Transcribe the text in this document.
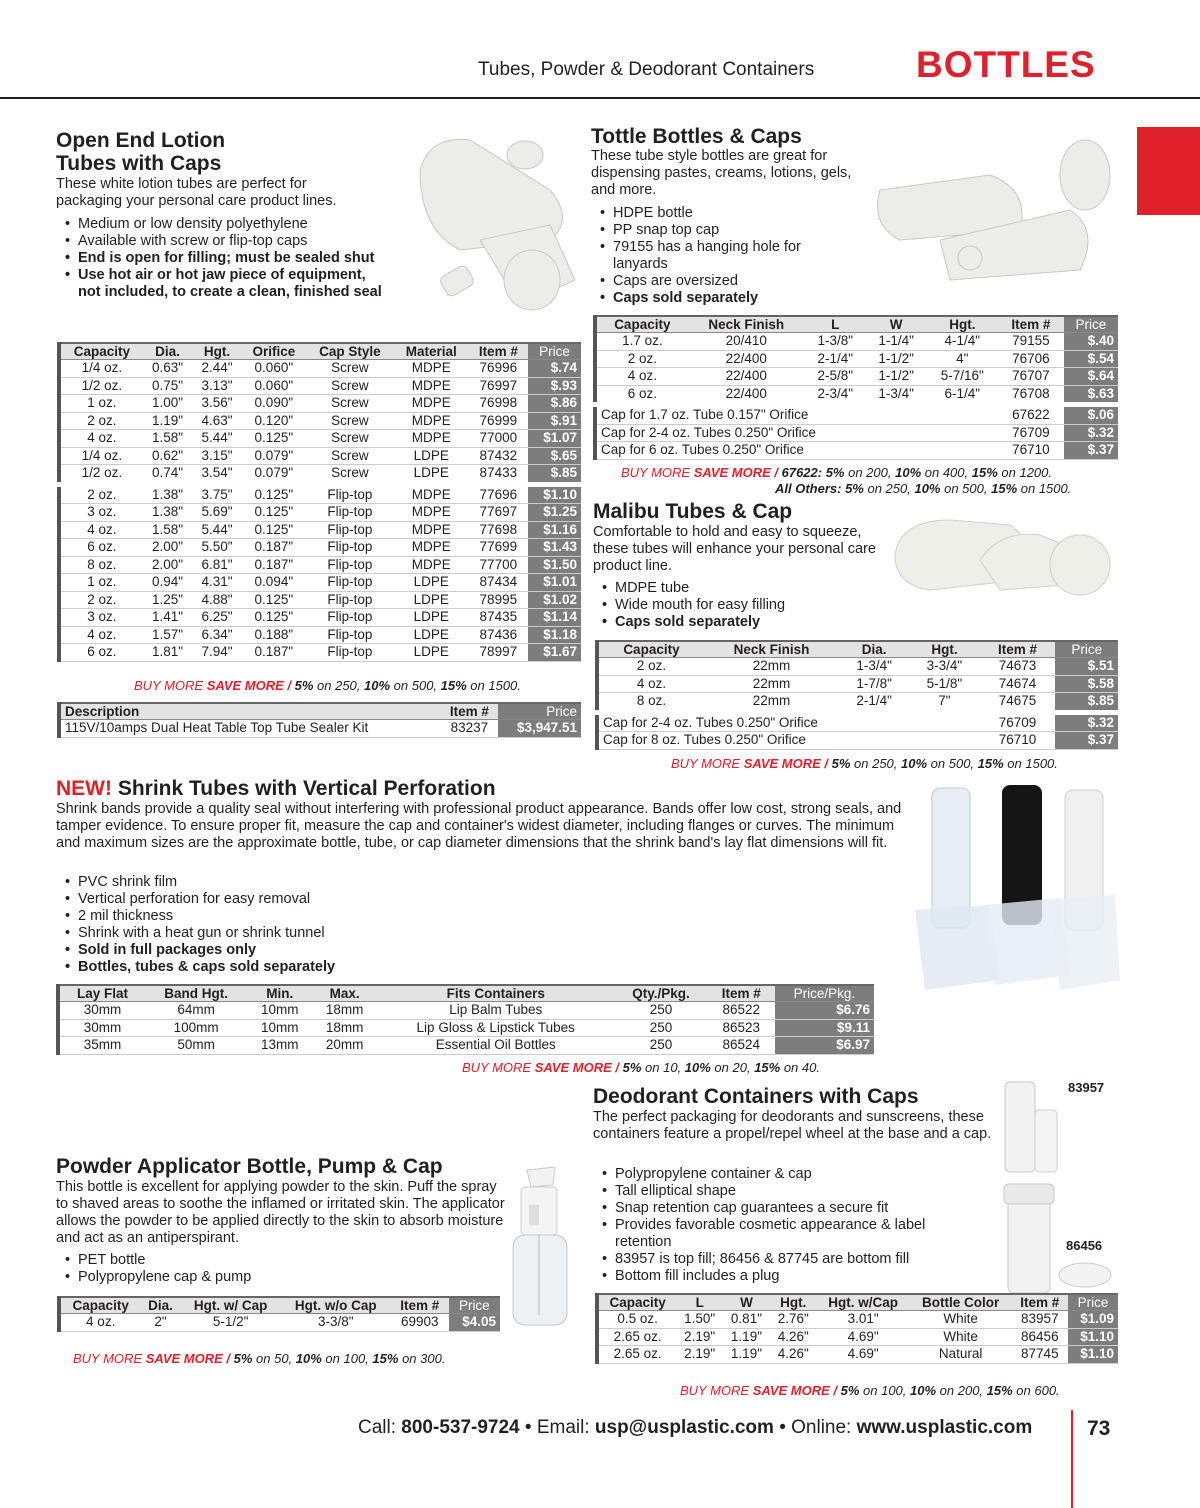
Tubes, Powder & Deodorant Containers	BOTTLES
Open End Lotion
Tubes with Caps
These white lotion tubes are perfect for packaging your personal care product lines.
• Medium or low density polyethylene
• Available with screw or flip-top caps
• End is open for filling; must be sealed shut
• Use hot air or hot jaw piece of equipment, not included, to create a clean, finished seal
Capacity	Dia.	Hgt.	Orifice	Cap Style	Material	Item #	Price
1/4 oz.	0.63"	2.44"	0.060"	Screw	MDPE	76996	$.74
1/2 oz.	0.75"	3.13"	0.060"	Screw	MDPE	76997	$.93
1 oz.	1.00"	3.56"	0.090"	Screw	MDPE	76998	$.86
2 oz.	1.19"	4.63"	0.120"	Screw	MDPE	76999	$.91
4 oz.	1.58"	5.44"	0.125"	Screw	MDPE	77000	$1.07
1/4 oz.	0.62"	3.15"	0.079"	Screw	LDPE	87432	$.65
1/2 oz.	0.74"	3.54"	0.079"	Screw	LDPE	87433	$.85
2 oz.	1.38"	3.75"	0.125"	Flip-top	MDPE	77696	$1.10
3 oz.	1.38"	5.69"	0.125"	Flip-top	MDPE	77697	$1.25
4 oz.	1.58"	5.44"	0.125"	Flip-top	MDPE	77698	$1.16
6 oz.	2.00"	5.50"	0.187"	Flip-top	MDPE	77699	$1.43
8 oz.	2.00"	6.81"	0.187"	Flip-top	MDPE	77700	$1.50
1 oz.	0.94"	4.31"	0.094"	Flip-top	LDPE	87434	$1.01
2 oz.	1.25"	4.88"	0.125"	Flip-top	LDPE	78995	$1.02
3 oz.	1.41"	6.25"	0.125"	Flip-top	LDPE	87435	$1.14
4 oz.	1.57"	6.34"	0.188"	Flip-top	LDPE	87436	$1.18
6 oz.	1.81"	7.94"	0.187"	Flip-top	LDPE	78997	$1.67
BUY MORE SAVE MORE / 5% on 250, 10% on 500, 15% on 1500.
Description	Item #	Price
115V/10amps Dual Heat Table Top Tube Sealer Kit	83237	$3,947.51
Tottle Bottles & Caps
These tube style bottles are great for dispensing pastes, creams, lotions, gels, and more.
• HDPE bottle
• PP snap top cap
• 79155 has a hanging hole for lanyards
• Caps are oversized
• Caps sold separately
Capacity	Neck Finish	L	W	Hgt.	Item #	Price
1.7 oz.	20/410	1-3/8"	1-1/4"	4-1/4"	79155	$.40
2 oz.	22/400	2-1/4"	1-1/2"	4"	76706	$.54
4 oz.	22/400	2-5/8"	1-1/2"	5-7/16"	76707	$.64
6 oz.	22/400	2-3/4"	1-3/4"	6-1/4"	76708	$.63
Cap for 1.7 oz. Tube 0.157" Orifice					67622	$.06
Cap for 2-4 oz. Tubes 0.250" Orifice					76709	$.32
Cap for 6 oz. Tubes 0.250" Orifice					76710	$.37
BUY MORE SAVE MORE / 67622: 5% on 200, 10% on 400, 15% on 1200.
All Others: 5% on 250, 10% on 500, 15% on 1500.
Malibu Tubes & Cap
Comfortable to hold and easy to squeeze, these tubes will enhance your personal care product line.
• MDPE tube
• Wide mouth for easy filling
• Caps sold separately
Capacity	Neck Finish	Dia.	Hgt.	Item #	Price
2 oz.	22mm	1-3/4"	3-3/4"	74673	$.51
4 oz.	22mm	1-7/8"	5-1/8"	74674	$.58
8 oz.	22mm	2-1/4"	7"	74675	$.85
Cap for 2-4 oz. Tubes 0.250" Orifice				76709	$.32
Cap for 8 oz. Tubes 0.250" Orifice				76710	$.37
BUY MORE SAVE MORE / 5% on 250, 10% on 500, 15% on 1500.
NEW! Shrink Tubes with Vertical Perforation
Shrink bands provide a quality seal without interfering with professional product appearance. Bands offer low cost, strong seals, and tamper evidence. To ensure proper fit, measure the cap and container's widest diameter, including flanges or curves. The minimum and maximum sizes are the approximate bottle, tube, or cap diameter dimensions that the shrink band's lay flat dimensions will fit.
• PVC shrink film
• Vertical perforation for easy removal
• 2 mil thickness
• Shrink with a heat gun or shrink tunnel
• Sold in full packages only
• Bottles, tubes & caps sold separately
Lay Flat	Band Hgt.	Min.	Max.	Fits Containers	Qty./Pkg.	Item #	Price/Pkg.
30mm	64mm	10mm	18mm	Lip Balm Tubes	250	86522	$6.76
30mm	100mm	10mm	18mm	Lip Gloss & Lipstick Tubes	250	86523	$9.11
35mm	50mm	13mm	20mm	Essential Oil Bottles	250	86524	$6.97
BUY MORE SAVE MORE / 5% on 10, 10% on 20, 15% on 40.
Powder Applicator Bottle, Pump & Cap
This bottle is excellent for applying powder to the skin. Puff the spray to shaved areas to soothe the inflamed or irritated skin. The applicator allows the powder to be applied directly to the skin to absorb moisture and act as an antiperspirant.
• PET bottle
• Polypropylene cap & pump
Capacity	Dia.	Hgt. w/ Cap	Hgt. w/o Cap	Item #	Price
4 oz.	2"	5-1/2"	3-3/8"	69903	$4.05
BUY MORE SAVE MORE / 5% on 50, 10% on 100, 15% on 300.
Deodorant Containers with Caps
The perfect packaging for deodorants and sunscreens, these containers feature a propel/repel wheel at the base and a cap.
• Polypropylene container & cap
• Tall elliptical shape
• Snap retention cap guarantees a secure fit
• Provides favorable cosmetic appearance & label retention
• 83957 is top fill; 86456 & 87745 are bottom fill
• Bottom fill includes a plug
83957
86456
Capacity	L	W	Hgt.	Hgt. w/Cap	Bottle Color	Item #	Price
0.5 oz.	1.50"	0.81"	2.76"	3.01"	White	83957	$1.09
2.65 oz.	2.19"	1.19"	4.26"	4.69"	White	86456	$1.10
2.65 oz.	2.19"	1.19"	4.26"	4.69"	Natural	87745	$1.10
BUY MORE SAVE MORE / 5% on 100, 10% on 200, 15% on 600.
Call: 800-537-9724 • Email: usp@usplastic.com • Online: www.usplastic.com	73
